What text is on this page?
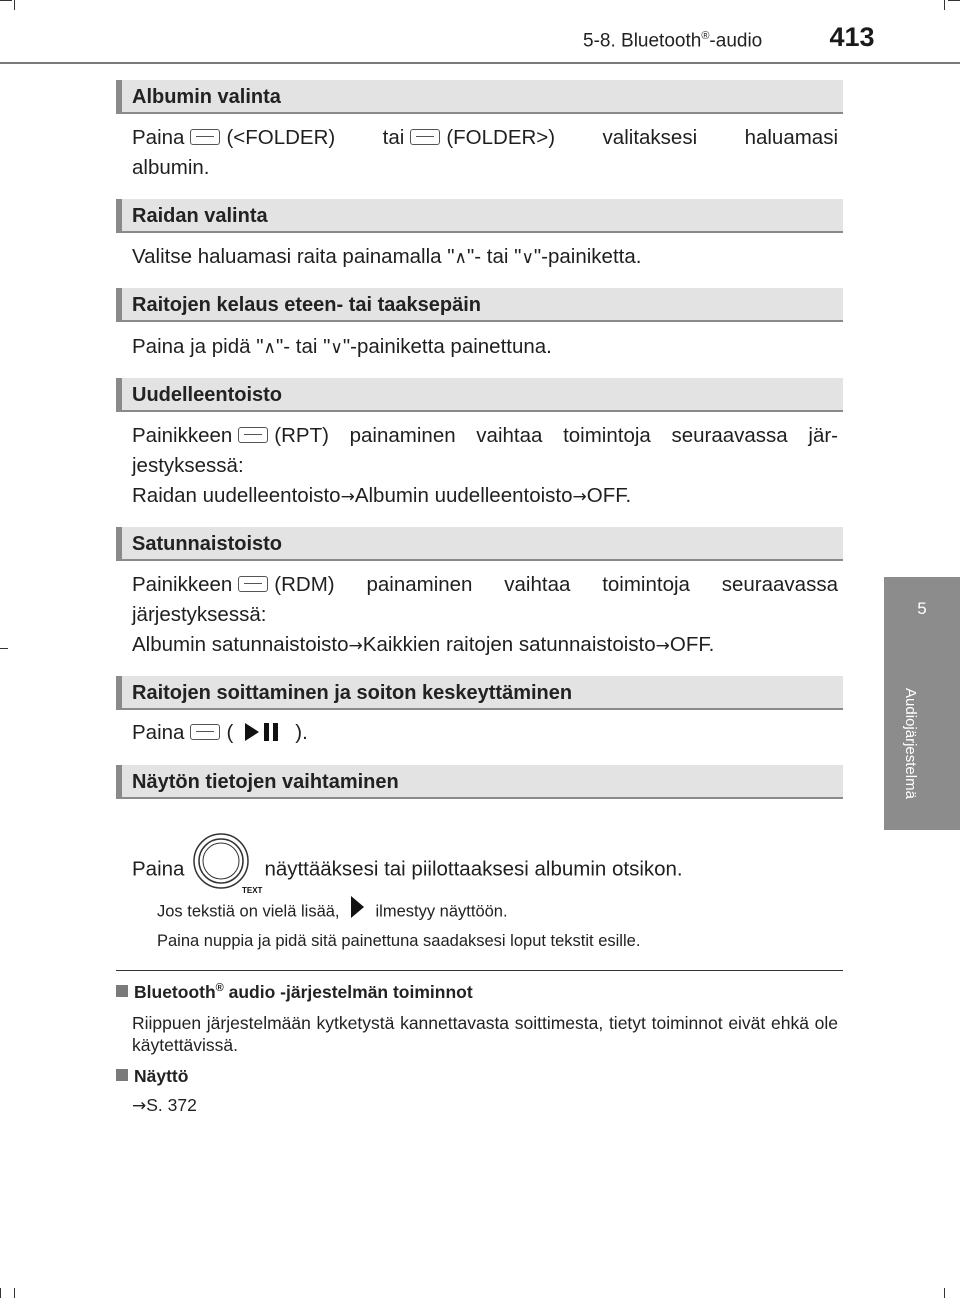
5-8. Bluetooth®-audio	413
5
Audiojärjestelmä
Albumin valinta
Paina (<FOLDER) tai (FOLDER>) valitaksesi haluamasi
albumin.
Raidan valinta
Valitse haluamasi raita painamalla "∧"- tai "∨"-painiketta.
Raitojen kelaus eteen- tai taaksepäin
Paina ja pidä "∧"- tai "∨"-painiketta painettuna.
Uudelleentoisto
Painikkeen (RPT) painaminen vaihtaa toimintoja seuraavassa jär-
jestyksessä:
Raidan uudelleentoisto→Albumin uudelleentoisto→OFF.
Satunnaistoisto
Painikkeen (RDM) painaminen vaihtaa toimintoja seuraavassa
järjestyksessä:
Albumin satunnaistoisto→Kaikkien raitojen satunnaistoisto→OFF.
Raitojen soittaminen ja soiton keskeyttäminen
Paina (	).
Näytön tietojen vaihtaminen
Paina
TEXT
näyttääksesi tai piilottaaksesi albumin otsikon.
Jos tekstiä on vielä lisää, ilmestyy näyttöön.
Paina nuppia ja pidä sitä painettuna saadaksesi loput tekstit esille.
Bluetooth® audio -järjestelmän toiminnot
Riippuen järjestelmään kytketystä kannettavasta soittimesta, tietyt toiminnot eivät ehkä ole käytettävissä.
Näyttö
→S. 372
